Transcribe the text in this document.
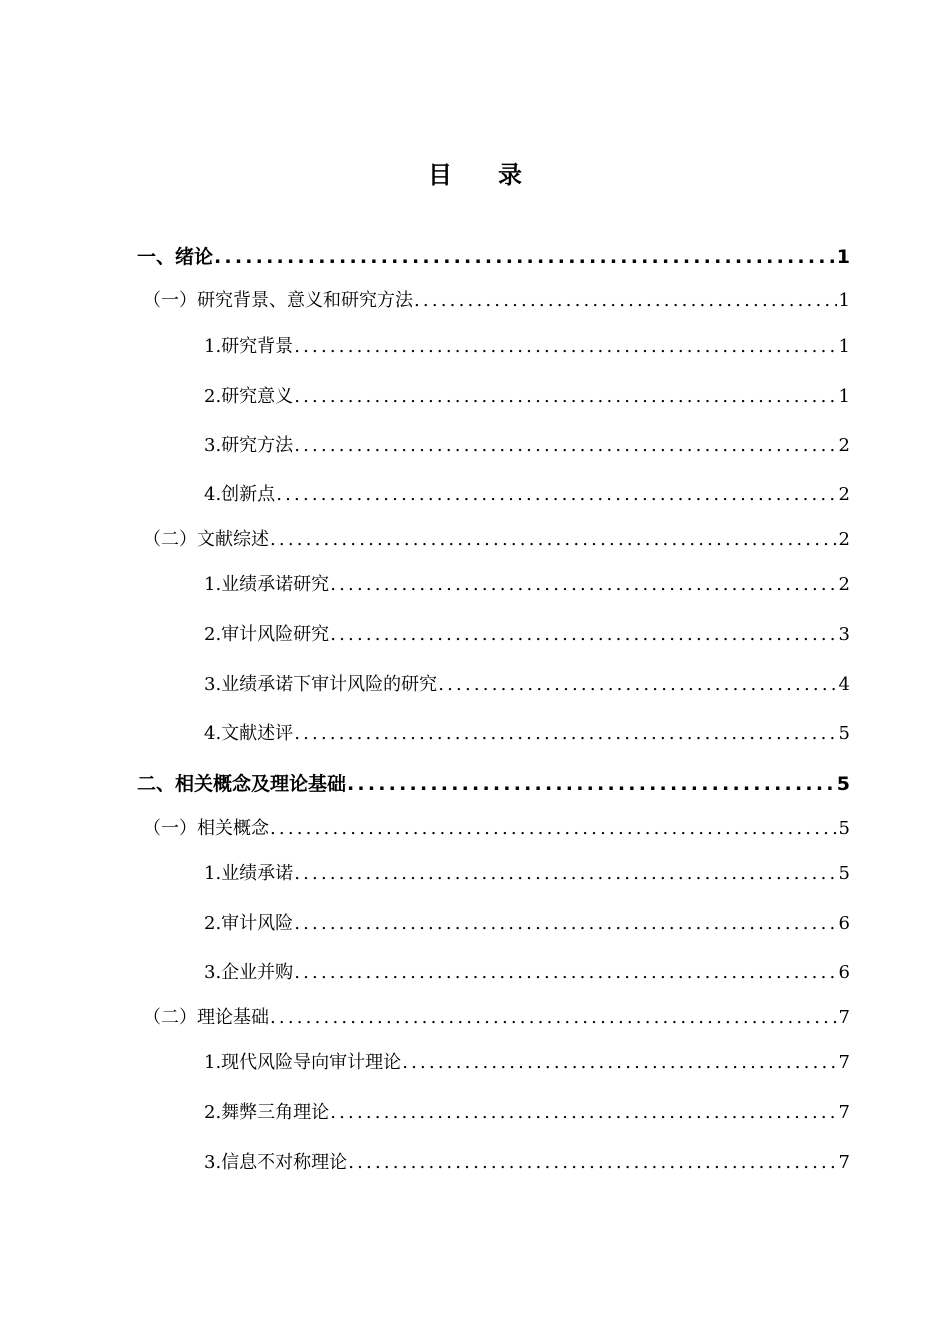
目 录
一、绪论 .....	1
（一）研究背景、意义和研究方法 .....	1
1.研究背景 .....	1
2.研究意义 .....	1
3.研究方法 .....	2
4.创新点 .....	2
（二）文献综述 .....	2
1.业绩承诺研究 .....	2
2.审计风险研究 .....	3
3.业绩承诺下审计风险的研究 .....	4
4.文献述评 .....	5
二、相关概念及理论基础 .....	5
（一）相关概念 .....	5
1.业绩承诺 .....	5
2.审计风险 .....	6
3.企业并购 .....	6
（二）理论基础 .....	7
1.现代风险导向审计理论 .....	7
2.舞弊三角理论 .....	7
3.信息不对称理论 .....	7
